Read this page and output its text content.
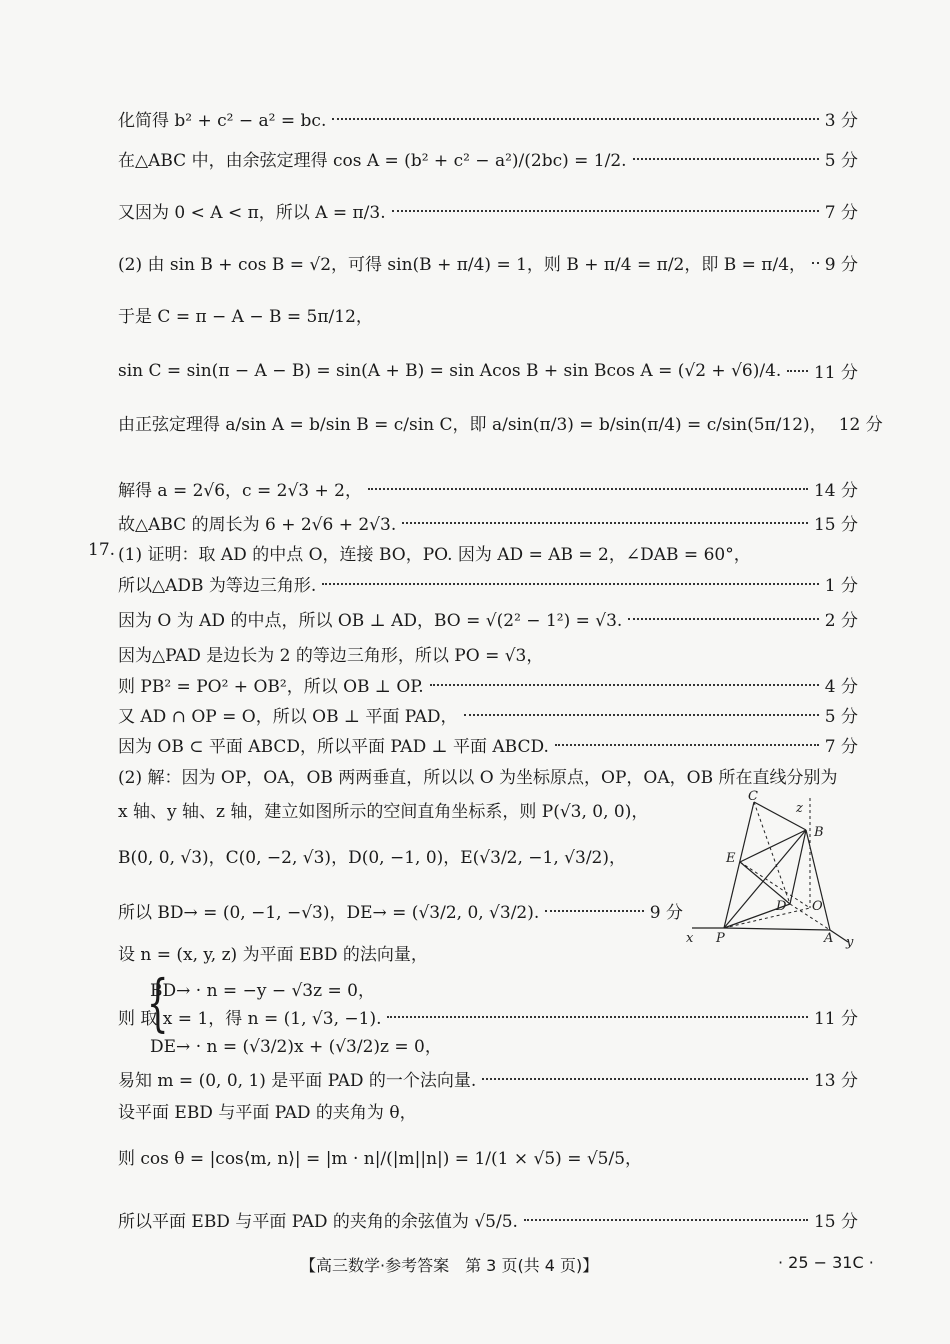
化简得 b² + c² − a² = bc.	3 分
在△ABC 中，由余弦定理得 cos A = (b² + c² − a²)/(2bc) = 1/2.	5 分
又因为 0 < A < π，所以 A = π/3.	7 分
(2) 由 sin B + cos B = √2，可得 sin(B + π/4) = 1，则 B + π/4 = π/2，即 B = π/4， 9 分
于是 C = π − A − B = 5π/12，
sin C = sin(π − A − B) = sin(A + B) = sin Acos B + sin Bcos A = (√2 + √6)/4. 11 分
由正弦定理得 a/sin A = b/sin B = c/sin C，即 a/sin(π/3) = b/sin(π/4) = c/sin(5π/12)， 12 分
解得 a = 2√6，c = 2√3 + 2，	14 分
故△ABC 的周长为 6 + 2√6 + 2√3.	15 分
17. (1) 证明：取 AD 的中点 O，连接 BO，PO. 因为 AD = AB = 2，∠DAB = 60°，
所以△ADB 为等边三角形.	1 分
因为 O 为 AD 的中点，所以 OB ⊥ AD，BO = √(2² − 1²) = √3.	2 分
因为△PAD 是边长为 2 的等边三角形，所以 PO = √3，
则 PB² = PO² + OB²，所以 OB ⊥ OP.	4 分
又 AD ∩ OP = O，所以 OB ⊥ 平面 PAD，	5 分
因为 OB ⊂ 平面 ABCD，所以平面 PAD ⊥ 平面 ABCD.	7 分
(2) 解：因为 OP，OA，OB 两两垂直，所以以 O 为坐标原点，OP，OA，OB 所在直线分别为
x 轴、y 轴、z 轴，建立如图所示的空间直角坐标系，则 P(√3, 0, 0)，
B(0, 0, √3)，C(0, −2, √3)，D(0, −1, 0)，E(√3/2, −1, √3/2)，
所以 BD→ = (0, −1, −√3)，DE→ = (√3/2, 0, √3/2).	9 分
设 n = (x, y, z) 为平面 EBD 的法向量，
{
BD→ · n = −y − √3z = 0，
则 取 x = 1，得 n = (1, √3, −1).	11 分
DE→ · n = (√3/2)x + (√3/2)z = 0，
易知 m = (0, 0, 1) 是平面 PAD 的一个法向量.	13 分
设平面 EBD 与平面 PAD 的夹角为 θ，
则 cos θ = |cos⟨m, n⟩| = |m · n|/(|m||n|) = 1/(1 × √5) = √5/5，
所以平面 EBD 与平面 PAD 的夹角的余弦值为 √5/5.	15 分
C
z
B
E
D O
x P	A y
【高三数学·参考答案　第 3 页(共 4 页)】	· 25 − 31C ·
